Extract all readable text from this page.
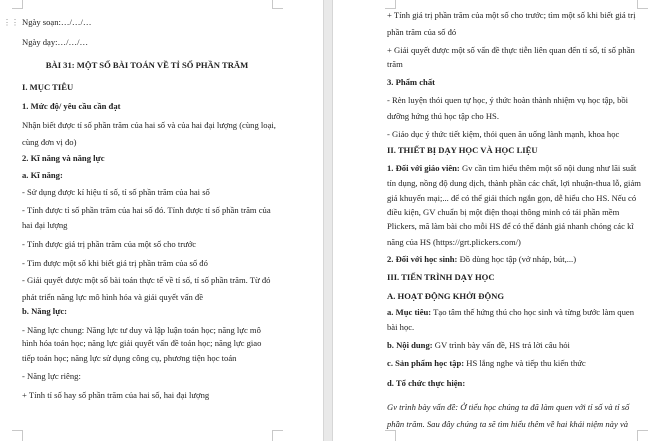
⋮⋮ Ngày soạn:…/…/…
Ngày dạy:…/…/…
BÀI 31: MỘT SỐ BÀI TOÁN VỀ TỈ SỐ PHẦN TRĂM
I. MỤC TIÊU
1. Mức độ/ yêu cầu cần đạt
Nhận biết được tỉ số phần trăm của hai số và của hai đại lượng (cùng loại,
cùng đơn vị đo)
2. Kĩ năng và năng lực
a. Kĩ năng:
- Sử dụng được kí hiệu tỉ số, tỉ số phần trăm của hai số
- Tính được tỉ số phần trăm của hai số đó. Tính được tỉ số phần trăm của
hai đại lượng
- Tính được giá trị phần trăm của một số cho trước
- Tìm được một số khi biết giá trị phần trăm của số đó
- Giải quyết được một số bài toán thực tế về tỉ số, tỉ số phần trăm. Từ đó
phát triển năng lực mô hình hóa và giải quyết vấn đề
b. Năng lực:
- Năng lực chung: Năng lực tư duy và lập luận toán học; năng lực mô
hình hóa toán học; năng lực giải quyết vấn đề toán học; năng lực giao
tiếp toán học; năng lực sử dụng công cụ, phương tiện học toán
- Năng lực riêng:
+ Tính tỉ số hay số phần trăm của hai số, hai đại lượng
+ Tính giá trị phần trăm của một số cho trước; tìm một số khi biết giá trị
phần trăm của số đó
+ Giải quyết được một số vấn đề thực tiễn liên quan đến tỉ số, tỉ số phần
trăm
3. Phẩm chất
- Rèn luyện thói quen tự học, ý thức hoàn thành nhiệm vụ học tập, bồi
dưỡng hứng thú học tập cho HS.
- Giáo dục ý thức tiết kiệm, thói quen ăn uống lành mạnh, khoa học
II. THIẾT BỊ DẠY HỌC VÀ HỌC LIỆU
1. Đối với giáo viên: Gv cần tìm hiểu thêm một số nội dung như lãi suất
tín dụng, nồng độ dung dịch, thành phần các chất, lợi nhuận-thua lỗ, giảm
giá khuyến mại;... để có thể giải thích ngắn gọn, dễ hiểu cho HS. Nếu có
điều kiện, GV chuẩn bị một điện thoại thông minh có tải phần mềm
Plickers, mã làm bài cho mỗi HS để có thể đánh giá nhanh chóng các kĩ
năng của HS (https://grt.plickers.com/)
2. Đối với học sinh: Đồ dùng học tập (vở nháp, bút,...)
III. TIẾN TRÌNH DẠY HỌC
A. HOẠT ĐỘNG KHỞI ĐỘNG
a. Mục tiêu: Tạo tâm thế hứng thú cho học sinh và từng bước làm quen
bài học.
b. Nội dung: GV trình bày vấn đề, HS trả lời câu hỏi
c. Sản phẩm học tập: HS lắng nghe và tiếp thu kiến thức
d. Tổ chức thực hiện:
Gv trình bày vấn đề: Ở tiểu học chúng ta đã làm quen với tỉ số và tỉ số
phần trăm. Sau đây chúng ta sẽ tìm hiểu thêm về hai khái niệm này và
